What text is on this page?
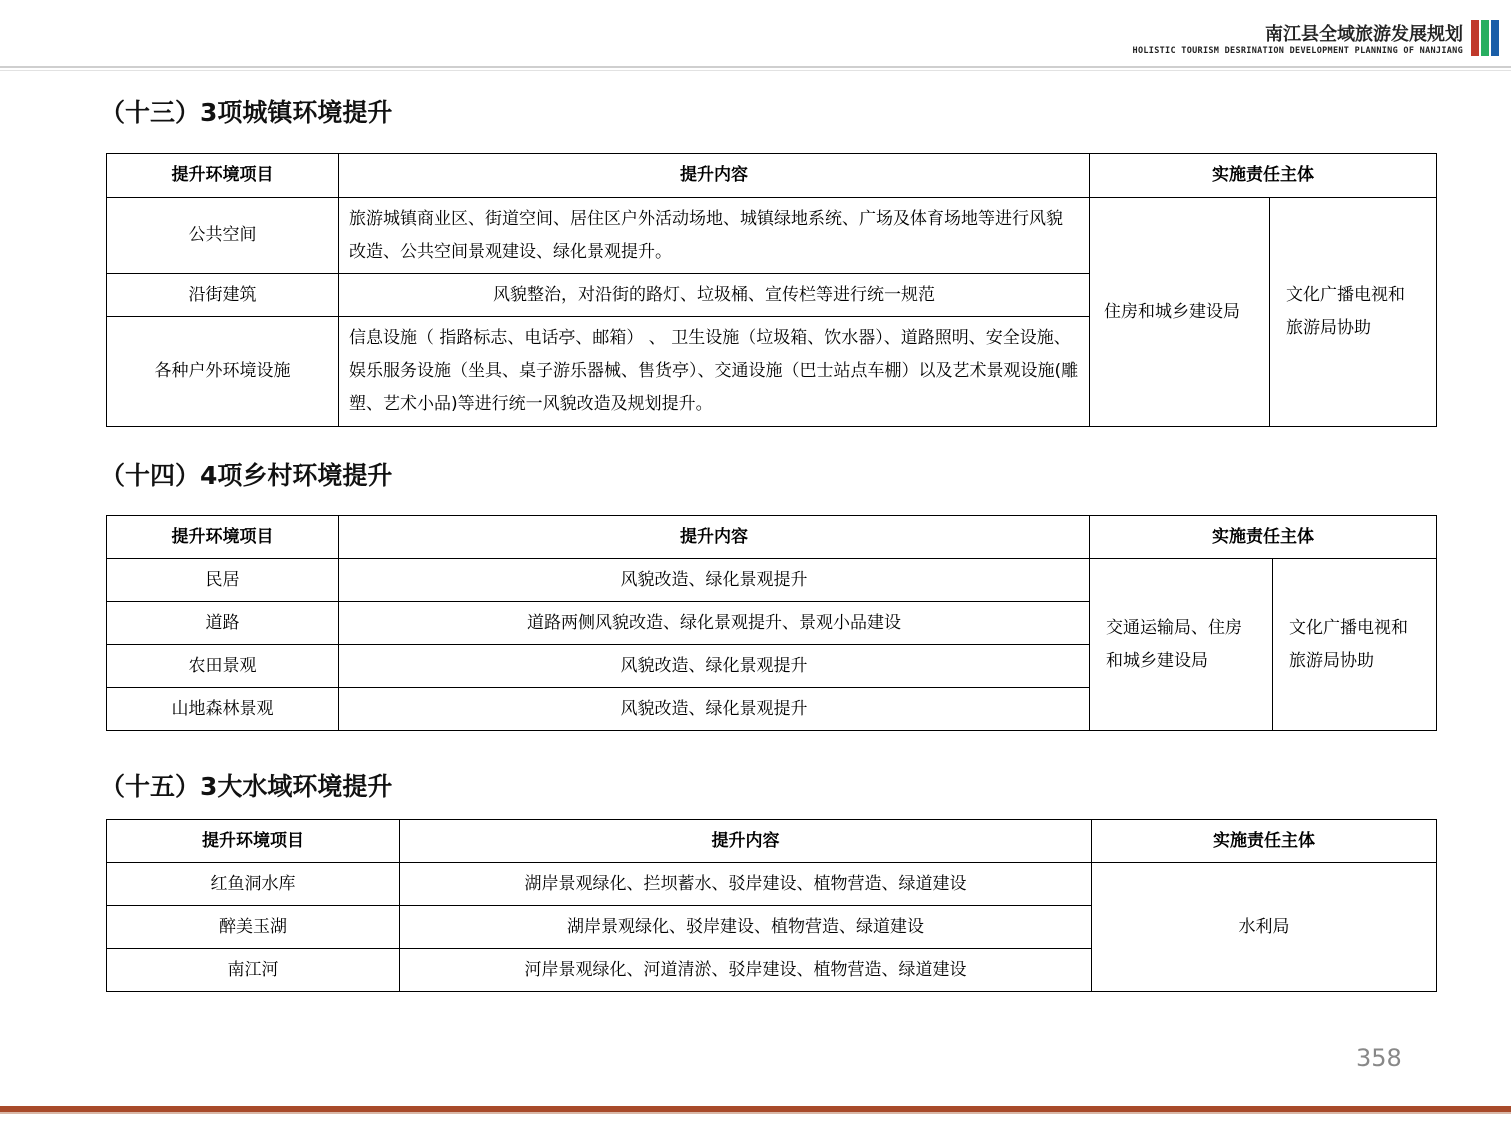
南江县全域旅游发展规划
HOLISTIC TOURISM DESRINATION DEVELOPMENT PLANNING OF NANJIANG
（十三）3项城镇环境提升
提升环境项目	提升内容	实施责任主体	
公共空间	旅游城镇商业区、街道空间、居住区户外活动场地、城镇绿地系统、广场及体育场地等进行风貌改造、公共空间景观建设、绿化景观提升。	住房和城乡建设局	文化广播电视和旅游局协助
沿街建筑	风貌整治，对沿街的路灯、垃圾桶、宣传栏等进行统一规范		
各种户外环境设施	信息设施（ 指路标志、电话亭、邮箱） 、 卫生设施（垃圾箱、饮水器）、道路照明、安全设施、娱乐服务设施（坐具、桌子游乐器械、售货亭）、交通设施（巴士站点车棚）以及艺术景观设施(雕塑、艺术小品)等进行统一风貌改造及规划提升。		
（十四）4项乡村环境提升
提升环境项目	提升内容	实施责任主体	
民居	风貌改造、绿化景观提升	交通运输局、住房和城乡建设局	文化广播电视和旅游局协助
道路	道路两侧风貌改造、绿化景观提升、景观小品建设		
农田景观	风貌改造、绿化景观提升		
山地森林景观	风貌改造、绿化景观提升		
（十五）3大水域环境提升
提升环境项目	提升内容	实施责任主体
红鱼洞水库	湖岸景观绿化、拦坝蓄水、驳岸建设、植物营造、绿道建设	水利局
醉美玉湖	湖岸景观绿化、驳岸建设、植物营造、绿道建设	
南江河	河岸景观绿化、河道清淤、驳岸建设、植物营造、绿道建设	
358
